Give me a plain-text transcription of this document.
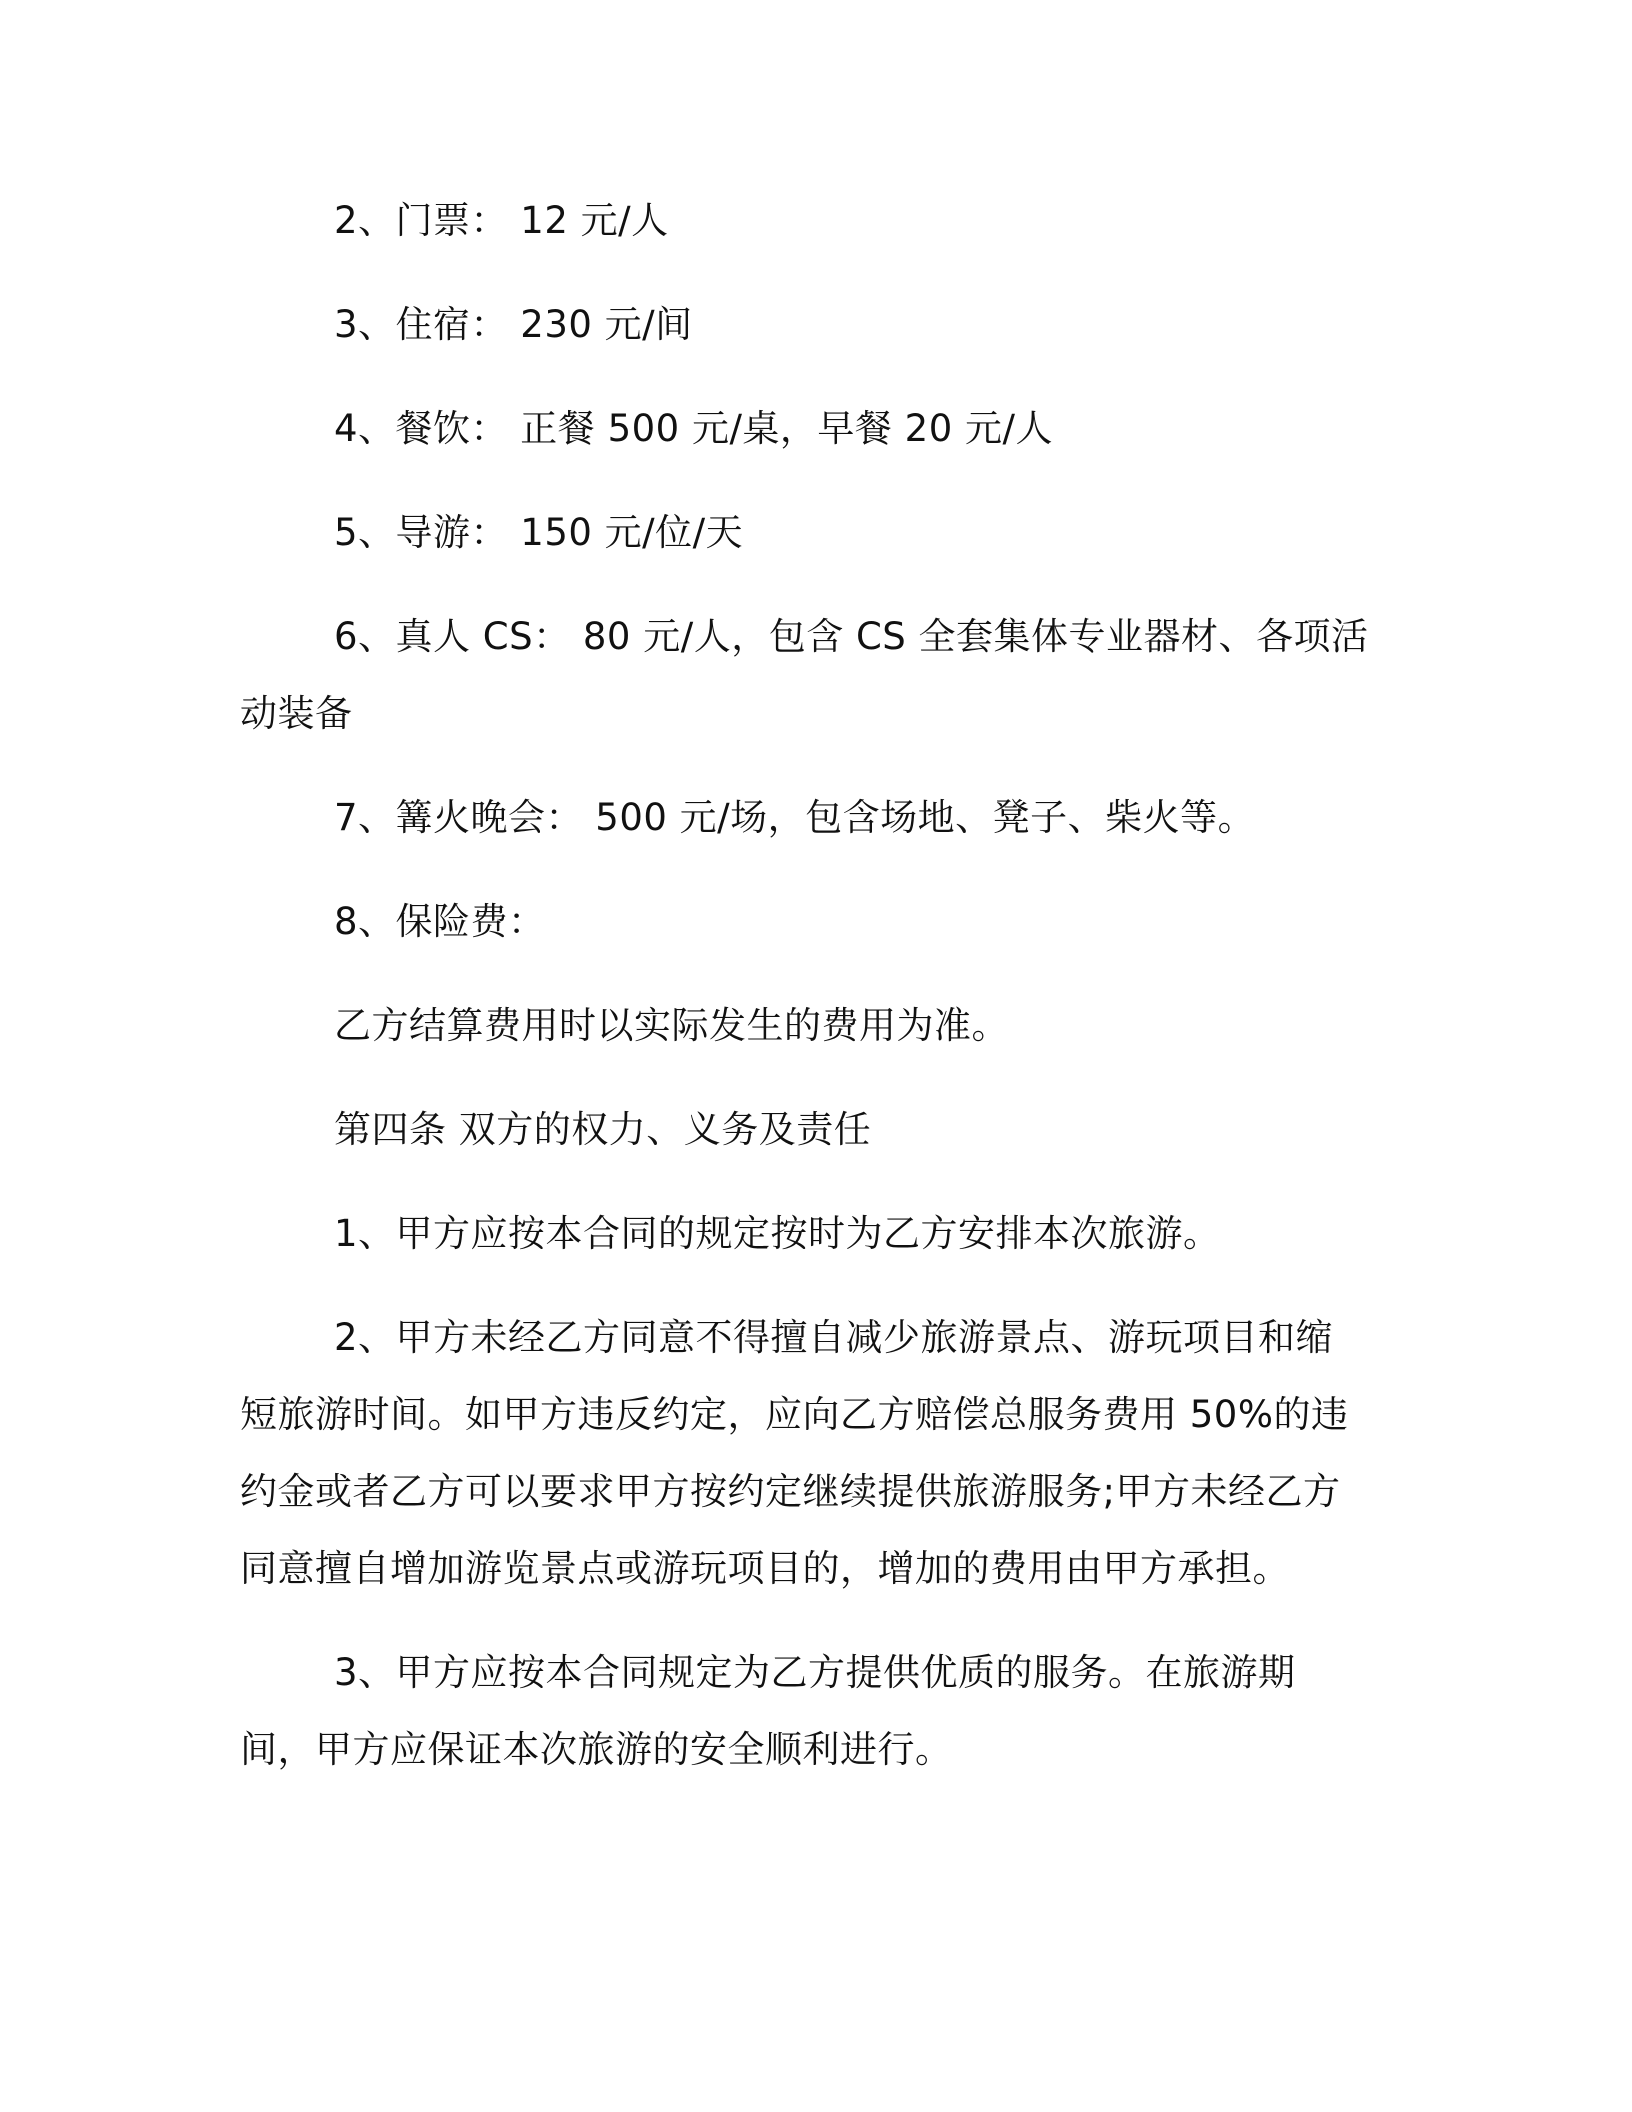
2、门票： 12 元/人

3、住宿： 230 元/间

4、餐饮： 正餐 500 元/桌，早餐 20 元/人

5、导游： 150 元/位/天

6、真人 CS： 80 元/人，包含 CS 全套集体专业器材、各项活动装备

7、篝火晚会： 500 元/场，包含场地、凳子、柴火等。

8、保险费：

乙方结算费用时以实际发生的费用为准。

第四条 双方的权力、义务及责任

1、甲方应按本合同的规定按时为乙方安排本次旅游。

2、甲方未经乙方同意不得擅自减少旅游景点、游玩项目和缩短旅游时间。如甲方违反约定，应向乙方赔偿总服务费用 50%的违约金或者乙方可以要求甲方按约定继续提供旅游服务;甲方未经乙方同意擅自增加游览景点或游玩项目的，增加的费用由甲方承担。

3、甲方应按本合同规定为乙方提供优质的服务。在旅游期间，甲方应保证本次旅游的安全顺利进行。
